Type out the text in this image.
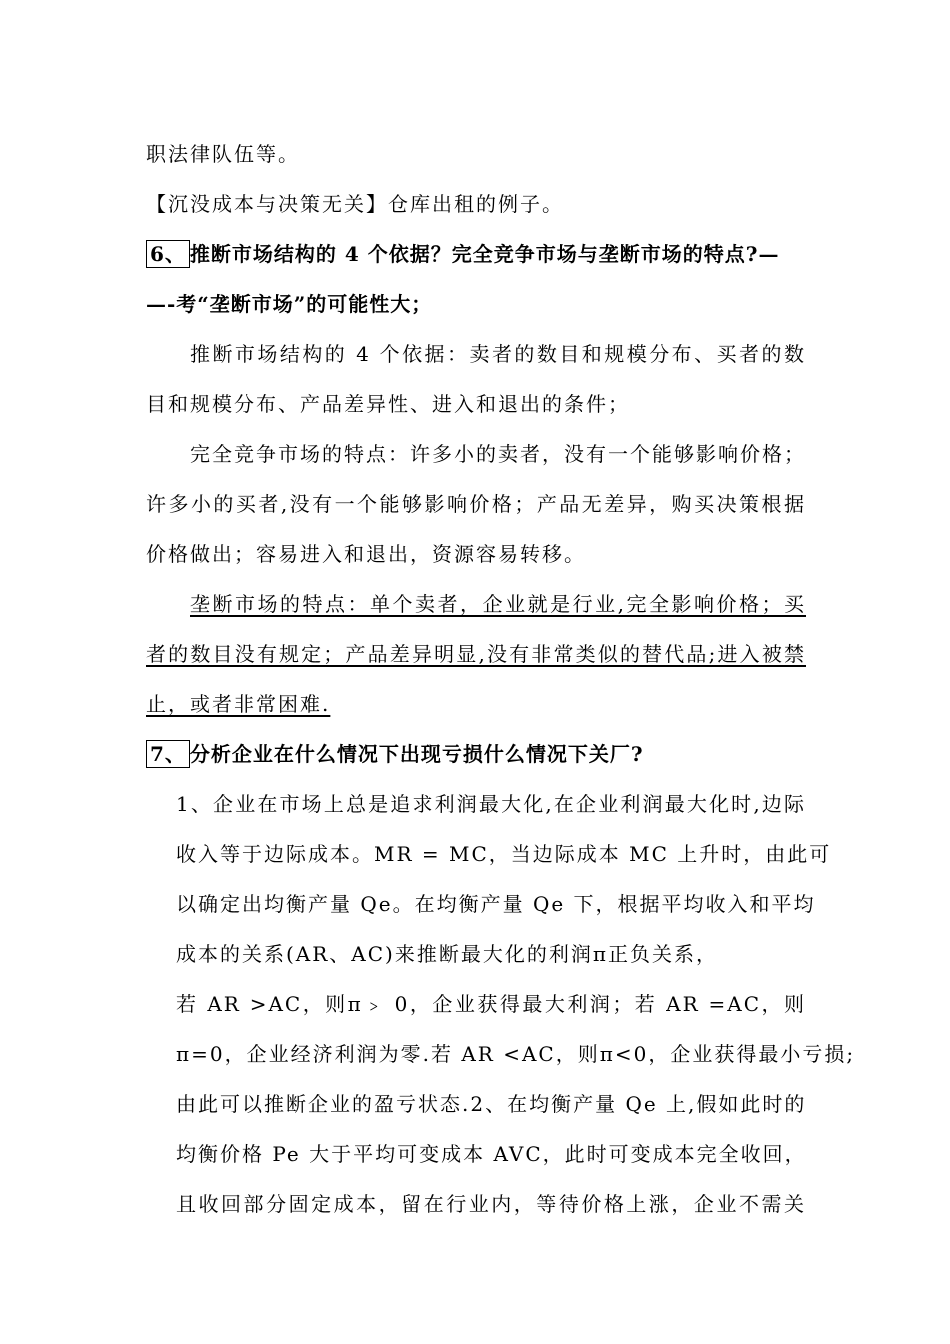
职法律队伍等。
【沉没成本与决策无关】仓库出租的例子。
6、 推断市场结构的 4 个依据？完全竞争市场与垄断市场的特点?—
—-考“垄断市场”的可能性大；
推断市场结构的 4 个依据：卖者的数目和规模分布、买者的数
目和规模分布、产品差异性、进入和退出的条件；
完全竞争市场的特点：许多小的卖者，没有一个能够影响价格；
许多小的买者,没有一个能够影响价格；产品无差异，购买决策根据
价格做出；容易进入和退出，资源容易转移。
垄断市场的特点：单个卖者，企业就是行业,完全影响价格；买
者的数目没有规定；产品差异明显,没有非常类似的替代品;进入被禁
止，或者非常困难.
7、 分析企业在什么情况下出现亏损什么情况下关厂?
1、企业在市场上总是追求利润最大化,在企业利润最大化时,边际
收入等于边际成本。MR = MC，当边际成本 MC 上升时，由此可
以确定出均衡产量 Qe。在均衡产量 Qe 下，根据平均收入和平均
成本的关系(AR、AC)来推断最大化的利润π正负关系，
若 AR >AC，则π﹥ 0，企业获得最大利润；若 AR =AC，则
π=0，企业经济利润为零.若 AR <AC，则π<0，企业获得最小亏损;
由此可以推断企业的盈亏状态.2、在均衡产量 Qe 上,假如此时的
均衡价格 Pe 大于平均可变成本 AVC，此时可变成本完全收回，
且收回部分固定成本，留在行业内，等待价格上涨，企业不需关
